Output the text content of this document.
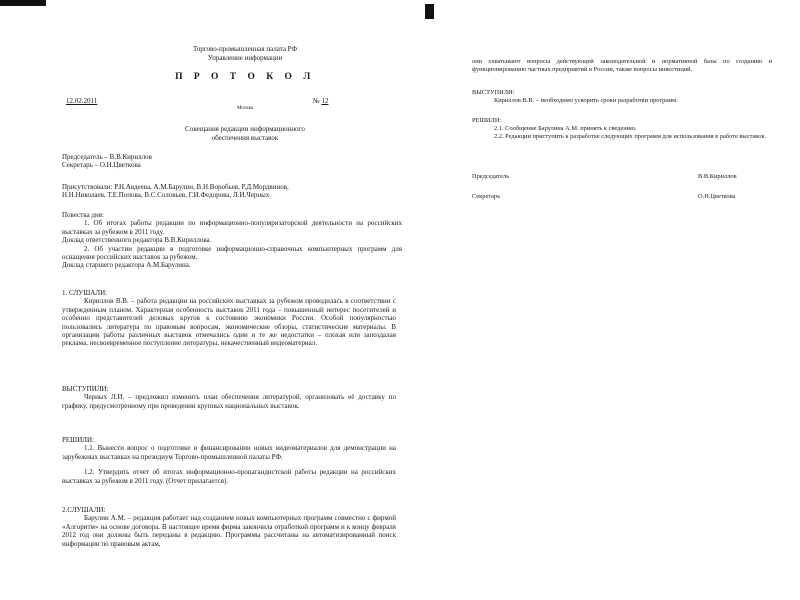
Торгово-промышленная палата РФ
Управление информации
П Р О Т О К О Л
12.02.2011
Москва
№ 12
Совещания редакции информационного
обеспечения выставок

Председатель – В.В.Кириллов

Секретарь – О.Н.Цветкова

Присутствовали: Р.Н.Авдеева, А.М.Барулин, В.Н.Воробьев, Р.Д.Мордвинов,

Н.Н.Николаев, Т.Е.Попова, В.С.Соловьев, Г.И.Федорова, Л.И.Черных

Повестка дня:

1. Об итогах работы редакции по информационно-популяризаторской деятельности на российских выставках за рубежом в 2011 году.

Доклад ответственного редактора В.В.Кириллова.

2. Об участии редакции в подготовке информационно-справочных компьютерных программ для оснащения российских выставок за рубежом.

Доклад старшего редактора А.М.Барулина.

1. СЛУШАЛИ:

Кириллов В.В. – работа редакции на российских выставках за рубежом проводилась в соответствии с утвержденным планом. Характерная особенность выставок 2011 года – повышенный интерес посетителей и особенно представителей деловых кругов к состоянию экономики России. Особой популярностью пользовались литература по правовым вопросам, экономические обзоры, статистические материалы. В организации работы различных выставок отмечались одни и те же недостатки – плохая или запоздалая реклама, несвоевременное поступление литературы, некачественный видеоматериал.

ВЫСТУПИЛИ:

Черных Л.И. – предложил изменить план обеспечения литературой, организовать её доставку по графику, предусмотренному при проведении крупных национальных выставок.

РЕШИЛИ:

1.1. Вынести вопрос о подготовке и финансировании новых видеоматериалов для демонстрации на зарубежных выставках на президиум Торгово-промышленной палаты РФ.

1.2. Утвердить отчет об итогах информационно-пропагандистской работы редакции на российских выставках за рубежом в 2011 году. (Отчет прилагается).

2.СЛУШАЛИ:

Барулин А.М. – редакция работает над созданием новых компьютерных программ совместно с фирмой «Алгоритм» на основе договора. В настоящее время фирма закончила отработкой программ и к концу февраля 2012 год они должны быть переданы в редакцию. Программы рассчитаны на автоматизированный поиск информации по правовым актам,

они охватывают вопросы действующей законодательной и нормативной базы по созданию и функционированию частных предприятий в России, также вопросы инвестиций.

ВЫСТУПИЛИ:

Кириллов В.В. – необходимо ускорить сроки разработки программ.

РЕШИЛИ:

2.1. Сообщение Барулина А.М. принять к сведению.

2.2. Редакции приступить к разработке следующих программ для использования в работе выставок.

Председатель	В.В.Кириллов
Секретарь	О.Н.Цветкова
